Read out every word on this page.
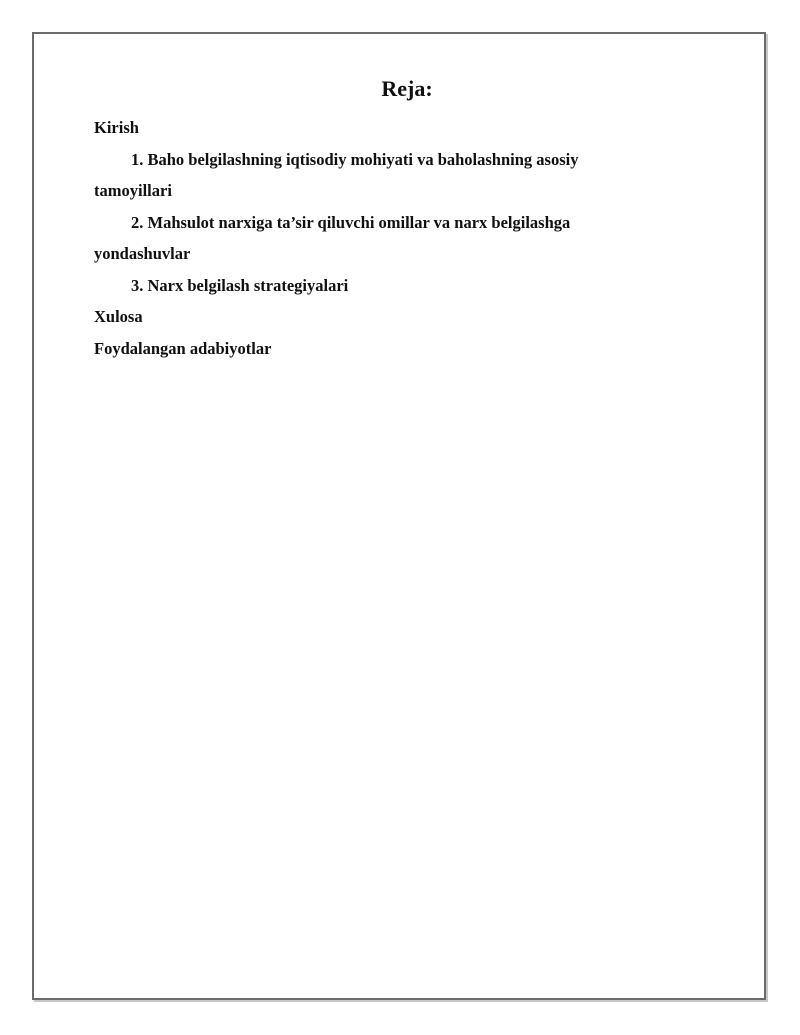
Reja:

Kirish

1. Baho belgilashning iqtisodiy mohiyati va baholashning asosiy

tamoyillari

2. Mahsulot narxiga ta’sir qiluvchi omillar va narx belgilashga

yondashuvlar

3. Narx belgilash strategiyalari

Xulosa

Foydalangan adabiyotlar
